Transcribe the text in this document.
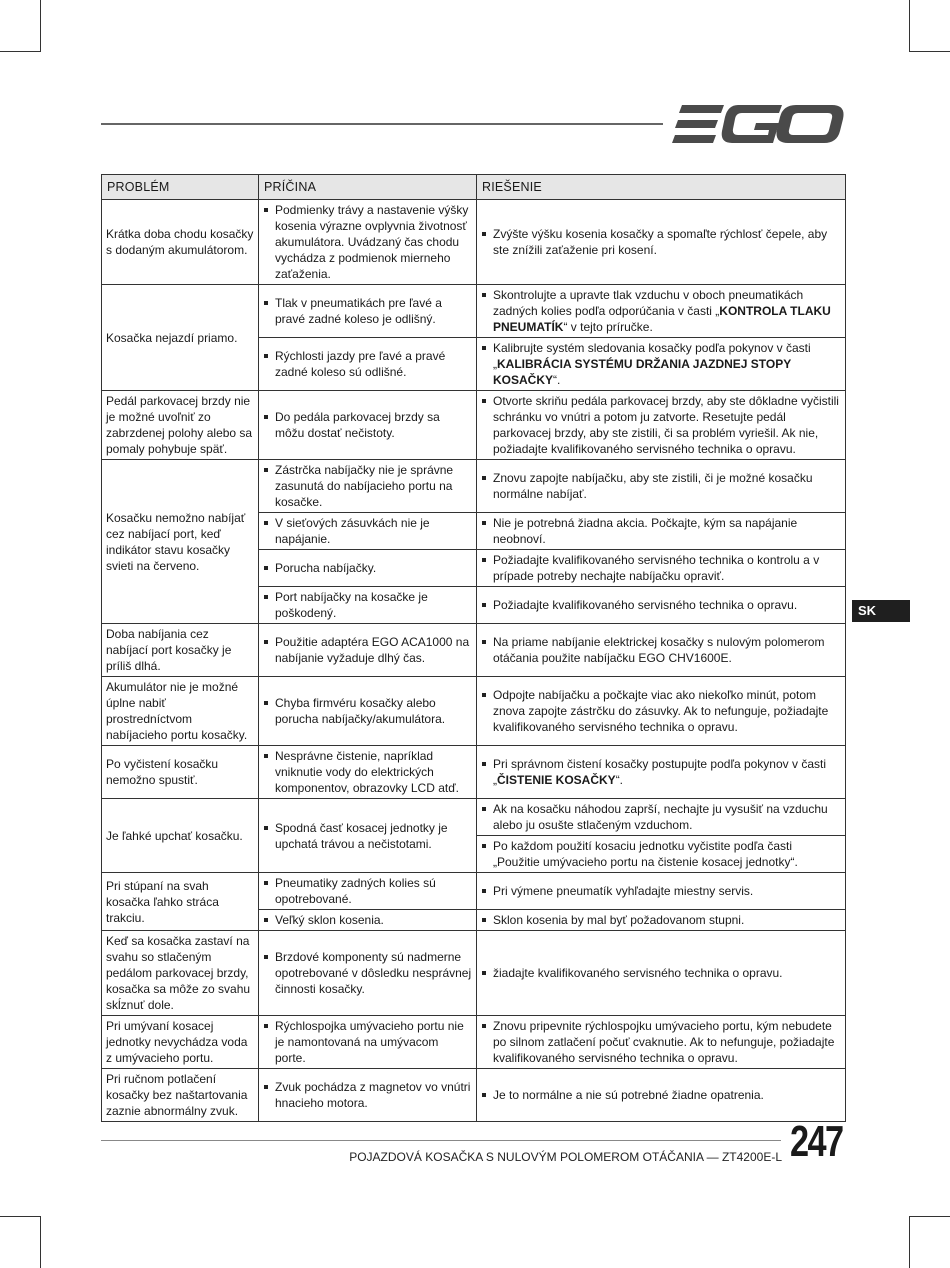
PROBLÉM	PRÍČINA	RIEŠENIE
Krátka doba chodu kosačky s dodaným akumulátorom.	Podmienky trávy a nastavenie výšky kosenia výrazne ovplyvnia životnosť akumulátora. Uvádzaný čas chodu vychádza z podmienok mierneho zaťaženia.	Zvýšte výšku kosenia kosačky a spomaľte rýchlosť čepele, aby ste znížili zaťaženie pri kosení.

Kosačka nejazdí priamo.	Tlak v pneumatikách pre ľavé a pravé zadné koleso je odlišný.	Skontrolujte a upravte tlak vzduchu v oboch pneumatikách zadných kolies podľa odporúčania v časti „KONTROLA TLAKU PNEUMATÍK“ v tejto príručke.

	Rýchlosti jazdy pre ľavé a pravé zadné koleso sú odlišné.	Kalibrujte systém sledovania kosačky podľa pokynov v časti „KALIBRÁCIA SYSTÉMU DRŽANIA JAZDNEJ STOPY KOSAČKY“.

Pedál parkovacej brzdy nie je možné uvoľniť zo zabrzdenej polohy alebo sa pomaly pohybuje späť.	Do pedála parkovacej brzdy sa môžu dostať nečistoty.	Otvorte skriňu pedála parkovacej brzdy, aby ste dôkladne vyčistili schránku vo vnútri a potom ju zatvorte. Resetujte pedál parkovacej brzdy, aby ste zistili, či sa problém vyriešil. Ak nie, požiadajte kvalifikovaného servisného technika o opravu.

Kosačku nemožno nabíjať cez nabíjací port, keď indikátor stavu kosačky svieti na červeno.	Zástrčka nabíjačky nie je správne zasunutá do nabíjacieho portu na kosačke.	Znovu zapojte nabíjačku, aby ste zistili, či je možné kosačku normálne nabíjať.

	V sieťových zásuvkách nie je napájanie.	Nie je potrebná žiadna akcia. Počkajte, kým sa napájanie neobnoví.

	Porucha nabíjačky.	Požiadajte kvalifikovaného servisného technika o kontrolu a v prípade potreby nechajte nabíjačku opraviť.

	Port nabíjačky na kosačke je poškodený.	Požiadajte kvalifikovaného servisného technika o opravu.

Doba nabíjania cez nabíjací port kosačky je príliš dlhá.	Použitie adaptéra EGO ACA1000 na nabíjanie vyžaduje dlhý čas.	Na priame nabíjanie elektrickej kosačky s nulovým polomerom otáčania použite nabíjačku EGO CHV1600E.

Akumulátor nie je možné úplne nabiť prostredníctvom nabíjacieho portu kosačky.	Chyba firmvéru kosačky alebo porucha nabíjačky/akumulátora.	Odpojte nabíjačku a počkajte viac ako niekoľko minút, potom znova zapojte zástrčku do zásuvky. Ak to nefunguje, požiadajte kvalifikovaného servisného technika o opravu.

Po vyčistení kosačku nemožno spustiť.	Nesprávne čistenie, napríklad vniknutie vody do elektrických komponentov, obrazovky LCD atď.	Pri správnom čistení kosačky postupujte podľa pokynov v časti „ČISTENIE KOSAČKY“.

Je ľahké upchať kosačku.	Spodná časť kosacej jednotky je upchatá trávou a nečistotami.	Ak na kosačku náhodou zaprší, nechajte ju vysušiť na vzduchu alebo ju osušte stlačeným vzduchom.

		Po každom použití kosaciu jednotku vyčistite podľa časti „Použitie umývacieho portu na čistenie kosacej jednotky“.

Pri stúpaní na svah kosačka ľahko stráca trakciu.	Pneumatiky zadných kolies sú opotrebované.	Pri výmene pneumatík vyhľadajte miestny servis.

	Veľký sklon kosenia.	Sklon kosenia by mal byť požadovanom stupni.

Keď sa kosačka zastaví na svahu so stlačeným pedálom parkovacej brzdy, kosačka sa môže zo svahu skĺznuť dole.	Brzdové komponenty sú nadmerne opotrebované v dôsledku nesprávnej činnosti kosačky.	žiadajte kvalifikovaného servisného technika o opravu.

Pri umývaní kosacej jednotky nevychádza voda z umývacieho portu.	Rýchlospojka umývacieho portu nie je namontovaná na umývacom porte.	Znovu pripevnite rýchlospojku umývacieho portu, kým nebudete po silnom zatlačení počuť cvaknutie. Ak to nefunguje, požiadajte kvalifikovaného servisného technika o opravu.

Pri ručnom potlačení kosačky bez naštartovania zaznie abnormálny zvuk.	Zvuk pochádza z magnetov vo vnútri hnacieho motora.	Je to normálne a nie sú potrebné žiadne opatrenia.
SK
POJAZDOVÁ KOSAČKA S NULOVÝM POLOMEROM OTÁČANIA — ZT4200E-L 247
